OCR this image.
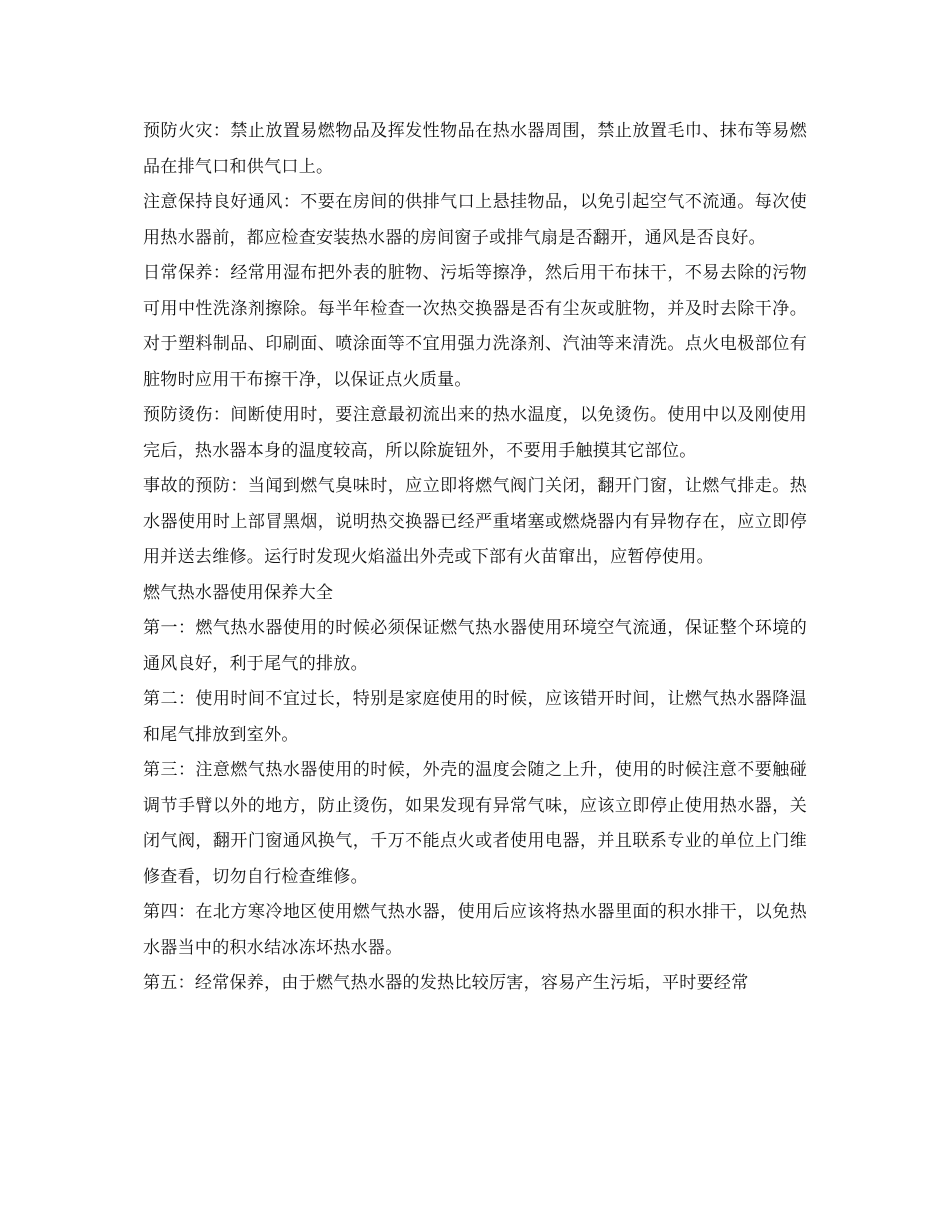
预防火灾：禁止放置易燃物品及挥发性物品在热水器周围，禁止放置毛巾、抹布等易燃品在排气口和供气口上。

注意保持良好通风：不要在房间的供排气口上悬挂物品，以免引起空气不流通。每次使用热水器前，都应检查安装热水器的房间窗子或排气扇是否翻开，通风是否良好。

日常保养：经常用湿布把外表的脏物、污垢等擦净，然后用干布抹干，不易去除的污物可用中性洗涤剂擦除。每半年检查一次热交换器是否有尘灰或脏物，并及时去除干净。对于塑料制品、印刷面、喷涂面等不宜用强力洗涤剂、汽油等来清洗。点火电极部位有脏物时应用干布擦干净，以保证点火质量。

预防烫伤：间断使用时，要注意最初流出来的热水温度，以免烫伤。使用中以及刚使用完后，热水器本身的温度较高，所以除旋钮外，不要用手触摸其它部位。

事故的预防：当闻到燃气臭味时，应立即将燃气阀门关闭，翻开门窗，让燃气排走。热水器使用时上部冒黑烟，说明热交换器已经严重堵塞或燃烧器内有异物存在，应立即停用并送去维修。运行时发现火焰溢出外壳或下部有火苗窜出，应暂停使用。

燃气热水器使用保养大全

第一：燃气热水器使用的时候必须保证燃气热水器使用环境空气流通，保证整个环境的通风良好，利于尾气的排放。

第二：使用时间不宜过长，特别是家庭使用的时候，应该错开时间，让燃气热水器降温和尾气排放到室外。

第三：注意燃气热水器使用的时候，外壳的温度会随之上升，使用的时候注意不要触碰调节手臂以外的地方，防止烫伤，如果发现有异常气味，应该立即停止使用热水器，关闭气阀，翻开门窗通风换气，千万不能点火或者使用电器，并且联系专业的单位上门维修查看，切勿自行检查维修。

第四：在北方寒冷地区使用燃气热水器，使用后应该将热水器里面的积水排干，以免热水器当中的积水结冰冻坏热水器。

第五：经常保养，由于燃气热水器的发热比较厉害，容易产生污垢，平时要经常
